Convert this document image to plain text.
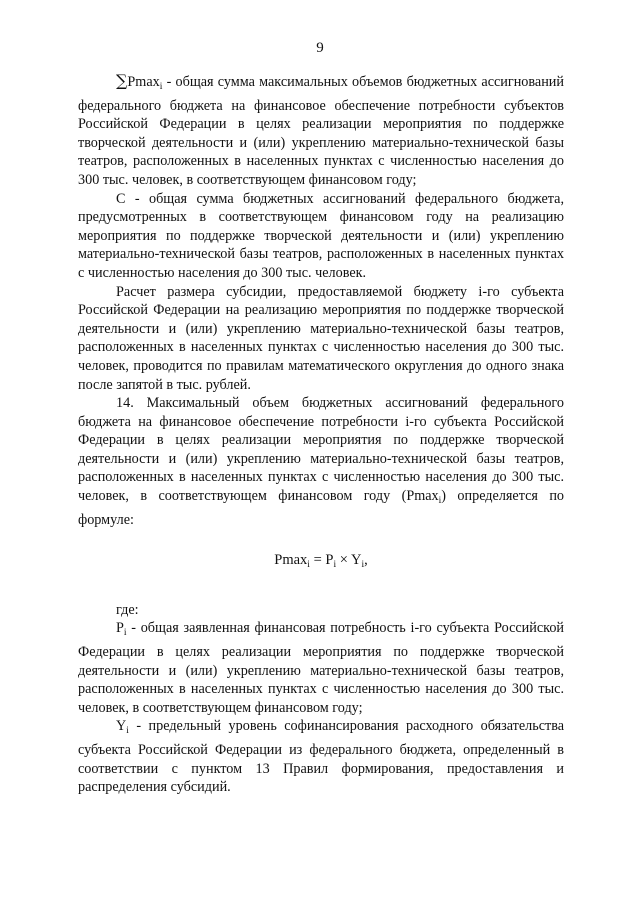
9

∑Pmax$_i$ - общая сумма максимальных объемов бюджетных ассигнований федерального бюджета на финансовое обеспечение потребности субъектов Российской Федерации в целях реализации мероприятия по поддержке творческой деятельности и (или) укреплению материально-технической базы театров, расположенных в населенных пунктах с численностью населения до 300 тыс. человек, в соответствующем финансовом году;

С - общая сумма бюджетных ассигнований федерального бюджета, предусмотренных в соответствующем финансовом году на реализацию мероприятия по поддержке творческой деятельности и (или) укреплению материально-технической базы театров, расположенных в населенных пунктах с численностью населения до 300 тыс. человек.

Расчет размера субсидии, предоставляемой бюджету i-го субъекта Российской Федерации на реализацию мероприятия по поддержке творческой деятельности и (или) укреплению материально-технической базы театров, расположенных в населенных пунктах с численностью населения до 300 тыс. человек, проводится по правилам математического округления до одного знака после запятой в тыс. рублей.

14. Максимальный объем бюджетных ассигнований федерального бюджета на финансовое обеспечение потребности i-го субъекта Российской Федерации в целях реализации мероприятия по поддержке творческой деятельности и (или) укреплению материально-технической базы театров, расположенных в населенных пунктах с численностью населения до 300 тыс. человек, в соответствующем финансовом году (Pmax$_i$) определяется по формуле:

$Pmax_i = P_i \times Y_i$,

где:

$P_i$ - общая заявленная финансовая потребность i-го субъекта Российской Федерации в целях реализации мероприятия по поддержке творческой деятельности и (или) укреплению материально-технической базы театров, расположенных в населенных пунктах с численностью населения до 300 тыс. человек, в соответствующем финансовом году;

$Y_i$ - предельный уровень софинансирования расходного обязательства субъекта Российской Федерации из федерального бюджета, определенный в соответствии с пунктом 13 Правил формирования, предоставления и распределения субсидий.
